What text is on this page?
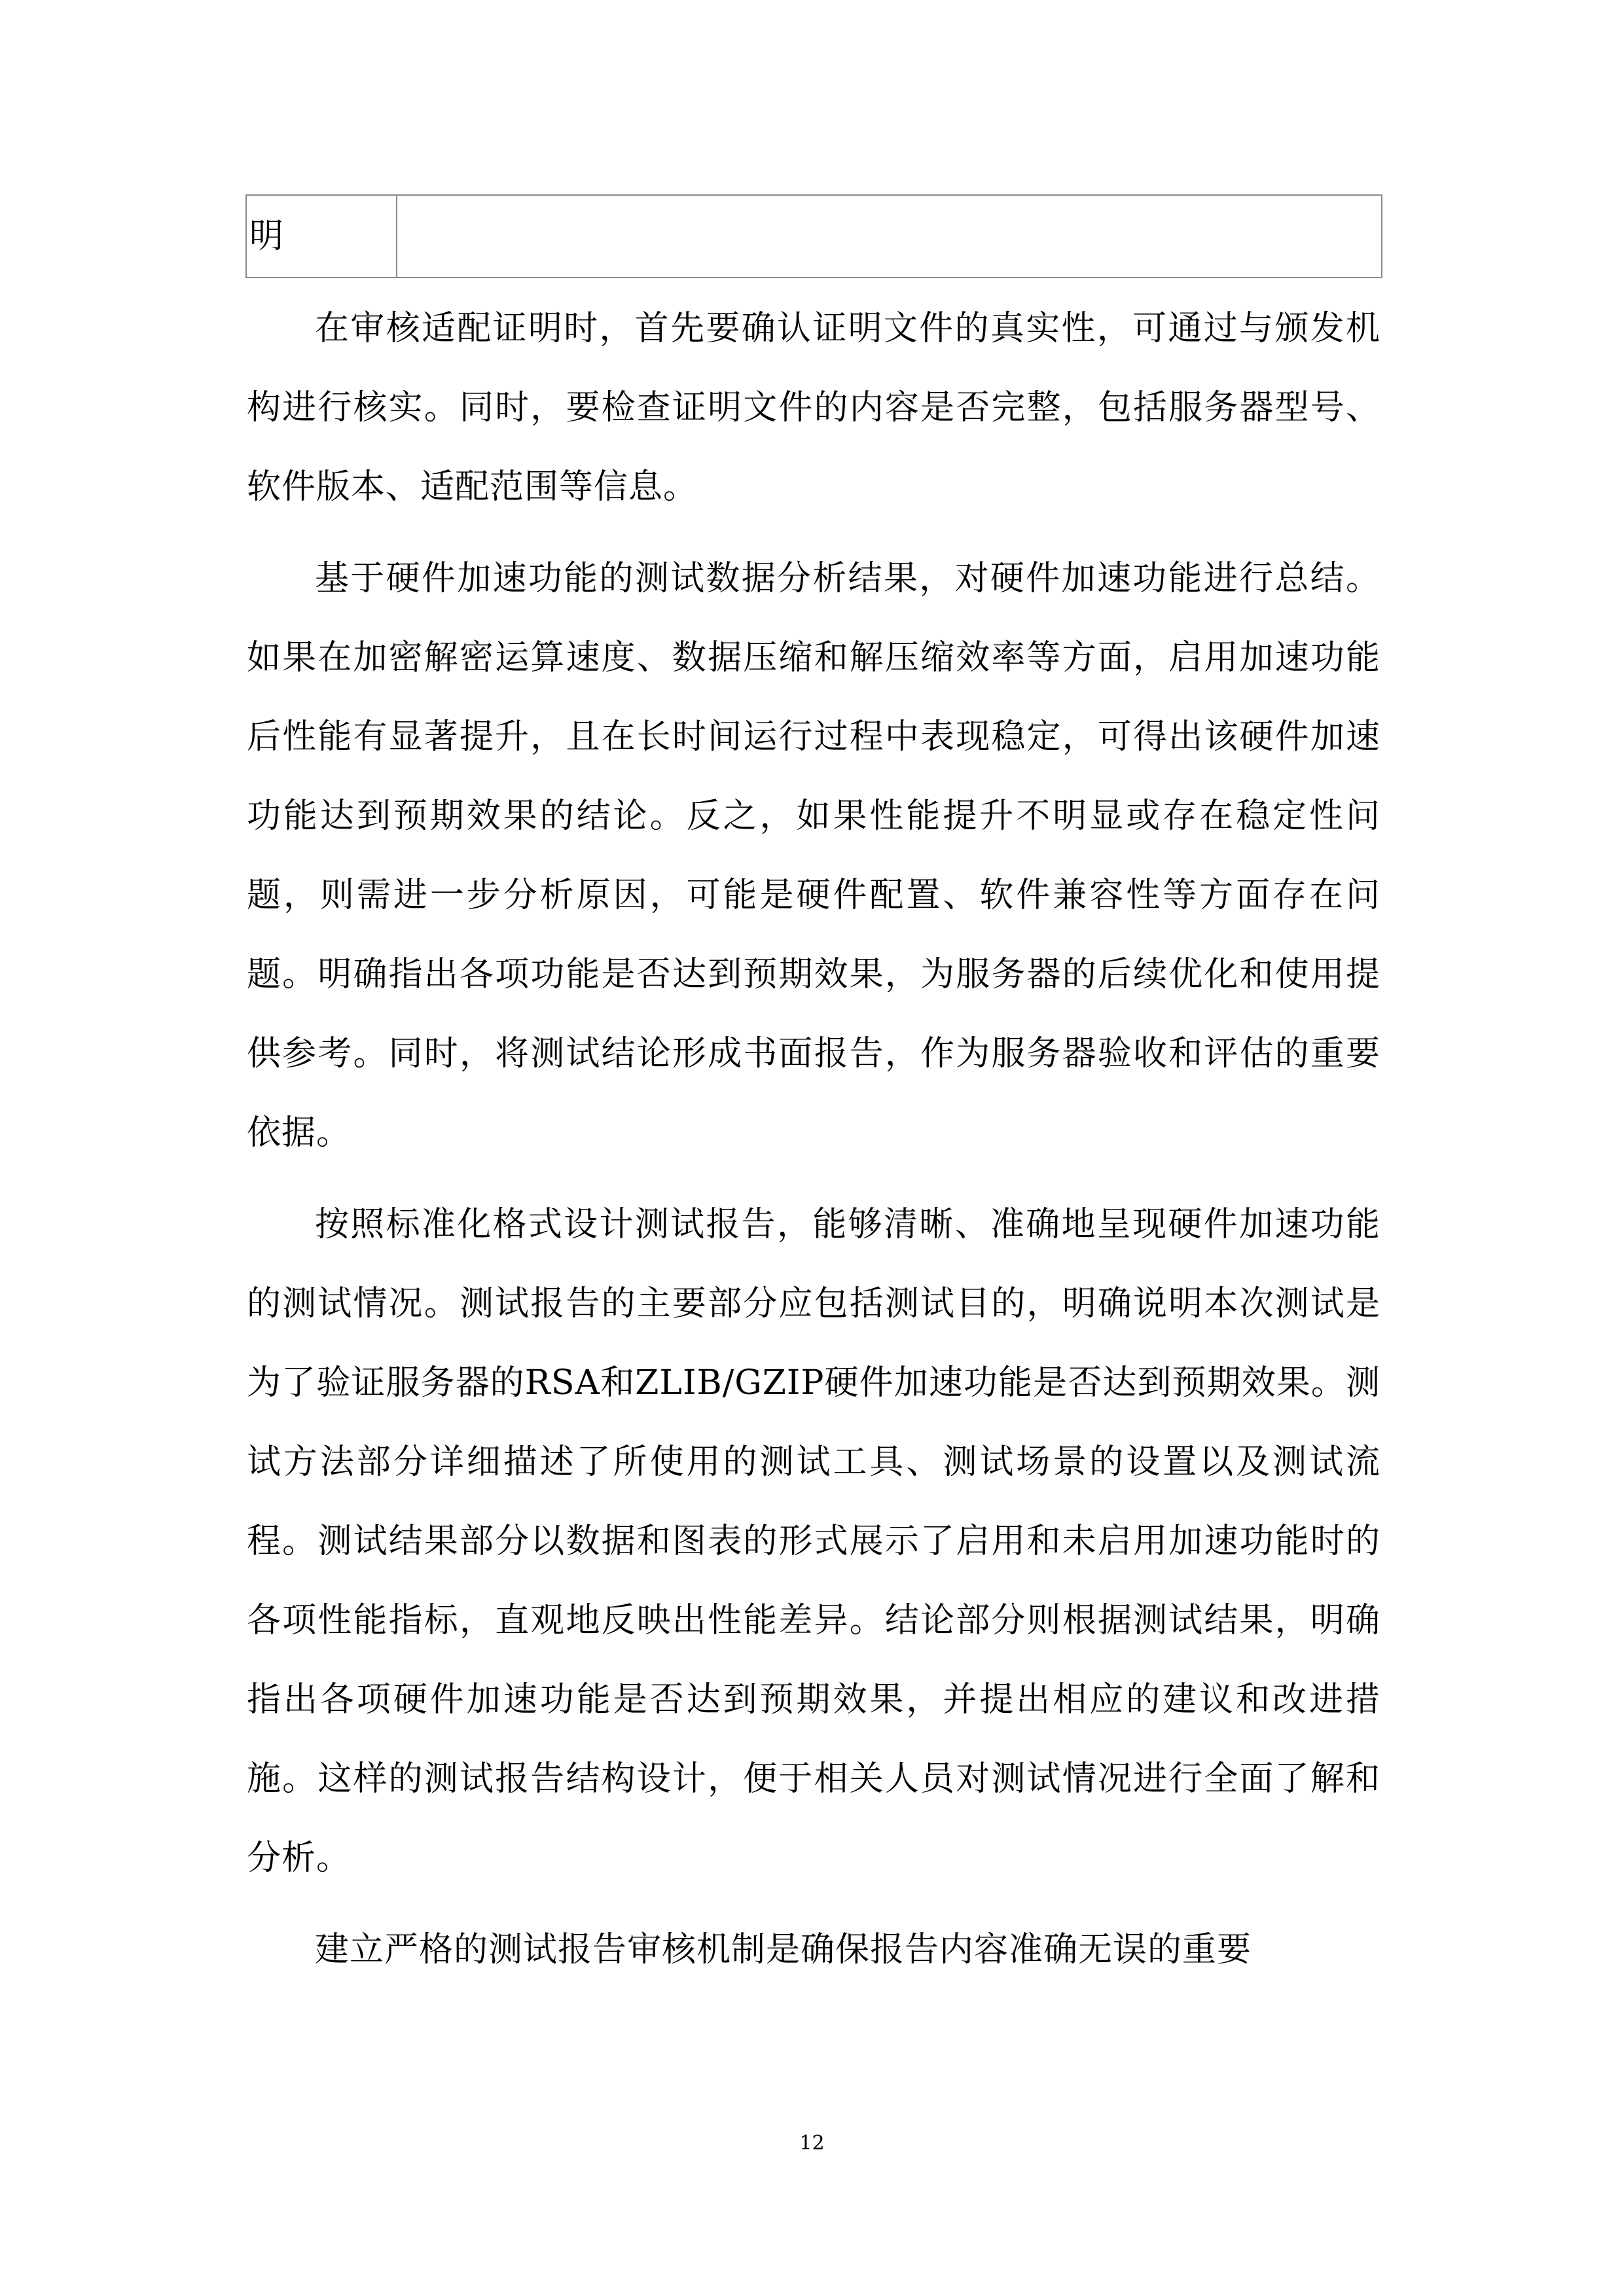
明

在审核适配证明时，首先要确认证明文件的真实性，可通过与颁发机构进行核实。同时，要检查证明文件的内容是否完整，包括服务器型号、软件版本、适配范围等信息。

基于硬件加速功能的测试数据分析结果，对硬件加速功能进行总结。如果在加密解密运算速度、数据压缩和解压缩效率等方面，启用加速功能后性能有显著提升，且在长时间运行过程中表现稳定，可得出该硬件加速功能达到预期效果的结论。反之，如果性能提升不明显或存在稳定性问题，则需进一步分析原因，可能是硬件配置、软件兼容性等方面存在问题。明确指出各项功能是否达到预期效果，为服务器的后续优化和使用提供参考。同时，将测试结论形成书面报告，作为服务器验收和评估的重要依据。

按照标准化格式设计测试报告，能够清晰、准确地呈现硬件加速功能的测试情况。测试报告的主要部分应包括测试目的，明确说明本次测试是为了验证服务器的RSA和ZLIB/GZIP硬件加速功能是否达到预期效果。测试方法部分详细描述了所使用的测试工具、测试场景的设置以及测试流程。测试结果部分以数据和图表的形式展示了启用和未启用加速功能时的各项性能指标，直观地反映出性能差异。结论部分则根据测试结果，明确指出各项硬件加速功能是否达到预期效果，并提出相应的建议和改进措施。这样的测试报告结构设计，便于相关人员对测试情况进行全面了解和分析。

建立严格的测试报告审核机制是确保报告内容准确无误的重要

12
